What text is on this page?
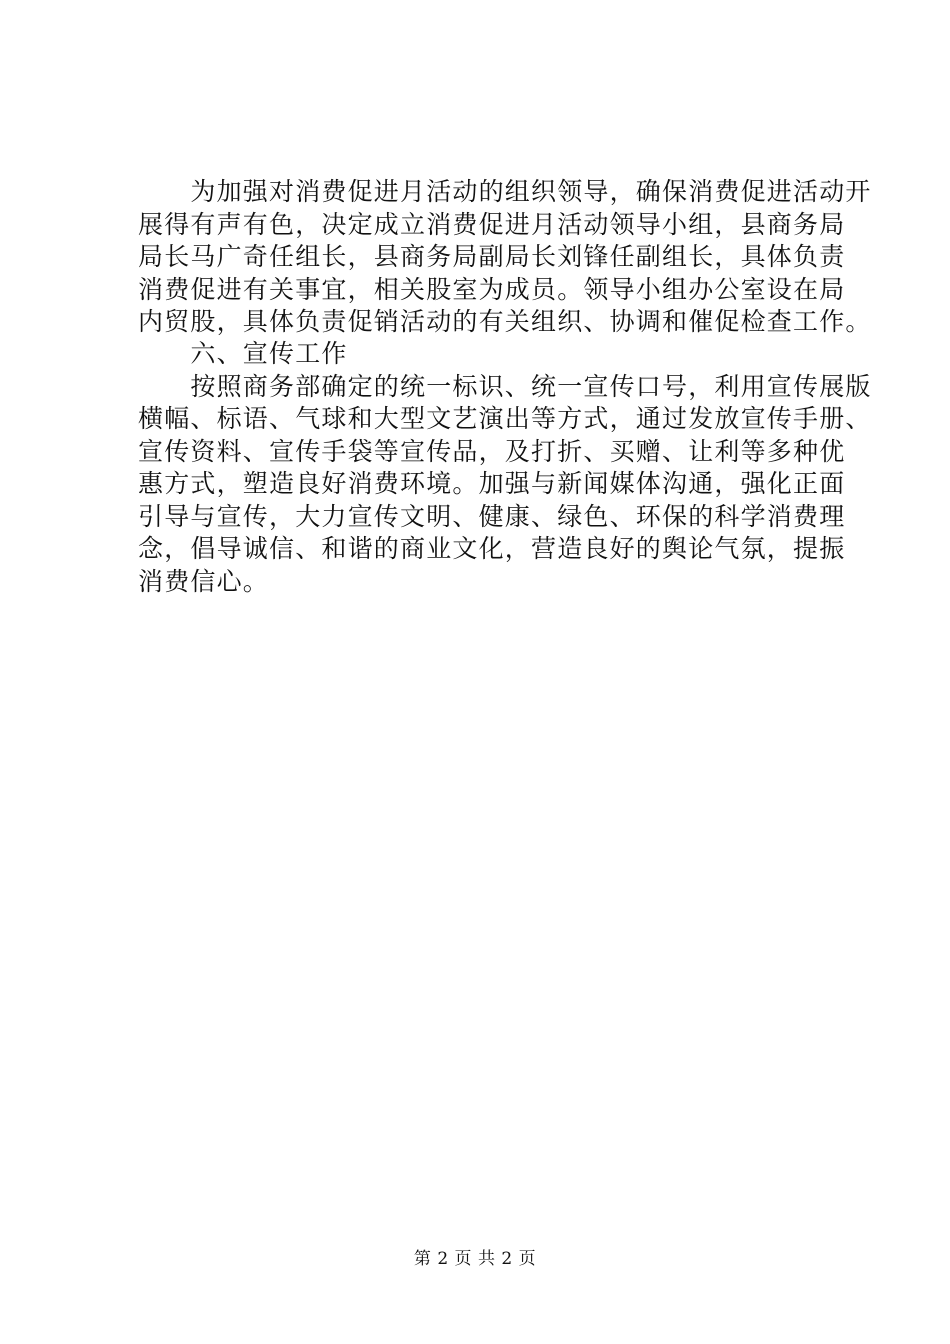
　　为加强对消费促进月活动的组织领导，确保消费促进活动开
展得有声有色，决定成立消费促进月活动领导小组，县商务局
局长马广奇任组长，县商务局副局长刘锋任副组长，具体负责
消费促进有关事宜，相关股室为成员。领导小组办公室设在局
内贸股，具体负责促销活动的有关组织、协调和催促检查工作。
　　六、宣传工作
　　按照商务部确定的统一标识、统一宣传口号，利用宣传展版
横幅、标语、气球和大型文艺演出等方式，通过发放宣传手册、
宣传资料、宣传手袋等宣传品，及打折、买赠、让利等多种优
惠方式，塑造良好消费环境。加强与新闻媒体沟通，强化正面
引导与宣传，大力宣传文明、健康、绿色、环保的科学消费理
念，倡导诚信、和谐的商业文化，营造良好的舆论气氛，提振
消费信心。
第 2 页 共 2 页
